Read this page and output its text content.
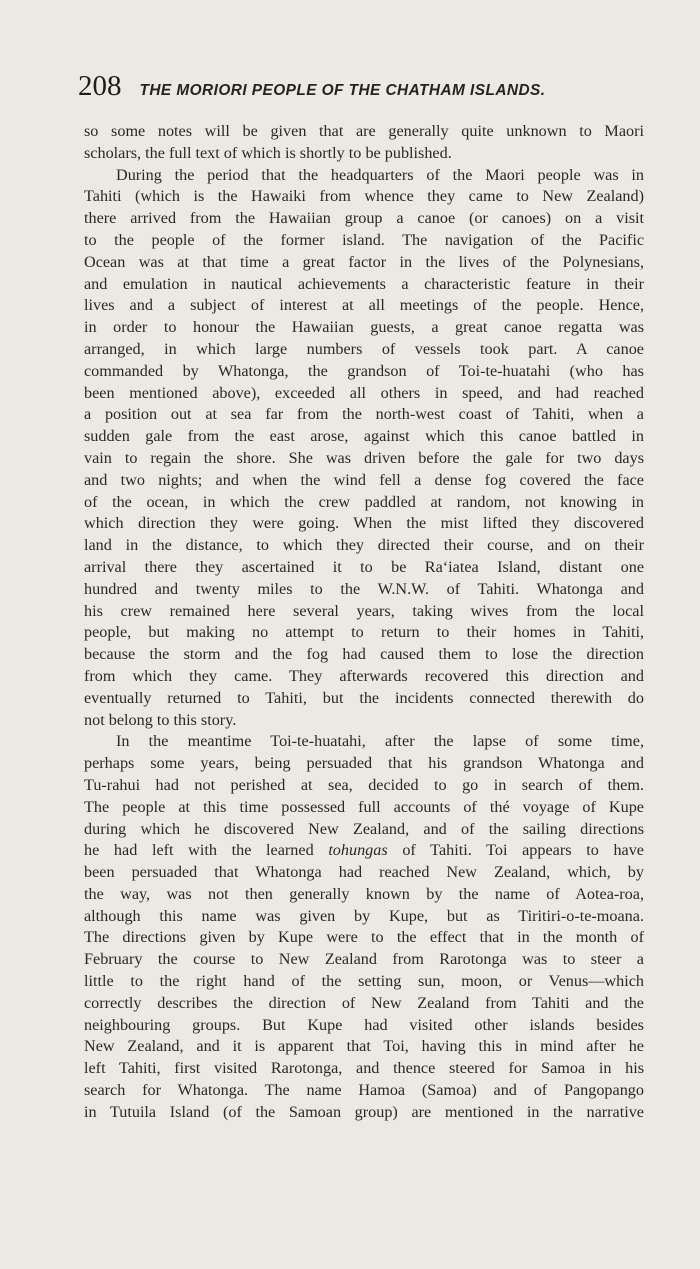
208 THE MORIORI PEOPLE OF THE CHATHAM ISLANDS.
so some notes will be given that are generally quite unknown to Maori
scholars, the full text of which is shortly to be published.
During the period that the headquarters of the Maori people was in
Tahiti (which is the Hawaiki from whence they came to New Zealand)
there arrived from the Hawaiian group a canoe (or canoes) on a visit
to the people of the former island. The navigation of the Pacific
Ocean was at that time a great factor in the lives of the Polynesians,
and emulation in nautical achievements a characteristic feature in their
lives and a subject of interest at all meetings of the people. Hence,
in order to honour the Hawaiian guests, a great canoe regatta was
arranged, in which large numbers of vessels took part. A canoe
commanded by Whatonga, the grandson of Toi-te-huatahi (who has
been mentioned above), exceeded all others in speed, and had reached
a position out at sea far from the north-west coast of Tahiti, when a
sudden gale from the east arose, against which this canoe battled in
vain to regain the shore. She was driven before the gale for two days
and two nights; and when the wind fell a dense fog covered the face
of the ocean, in which the crew paddled at random, not knowing in
which direction they were going. When the mist lifted they discovered
land in the distance, to which they directed their course, and on their
arrival there they ascertained it to be Ra‘iatea Island, distant one
hundred and twenty miles to the W.N.W. of Tahiti. Whatonga and
his crew remained here several years, taking wives from the local
people, but making no attempt to return to their homes in Tahiti,
because the storm and the fog had caused them to lose the direction
from which they came. They afterwards recovered this direction and
eventually returned to Tahiti, but the incidents connected therewith do
not belong to this story.
In the meantime Toi-te-huatahi, after the lapse of some time,
perhaps some years, being persuaded that his grandson Whatonga and
Tu-rahui had not perished at sea, decided to go in search of them.
The people at this time possessed full accounts of thé voyage of Kupe
during which he discovered New Zealand, and of the sailing directions
he had left with the learned tohungas of Tahiti. Toi appears to have
been persuaded that Whatonga had reached New Zealand, which, by
the way, was not then generally known by the name of Aotea-roa,
although this name was given by Kupe, but as Tiritiri-o-te-moana.
The directions given by Kupe were to the effect that in the month of
February the course to New Zealand from Rarotonga was to steer a
little to the right hand of the setting sun, moon, or Venus—which
correctly describes the direction of New Zealand from Tahiti and the
neighbouring groups. But Kupe had visited other islands besides
New Zealand, and it is apparent that Toi, having this in mind after he
left Tahiti, first visited Rarotonga, and thence steered for Samoa in his
search for Whatonga. The name Hamoa (Samoa) and of Pangopango
in Tutuila Island (of the Samoan group) are mentioned in the narrative
